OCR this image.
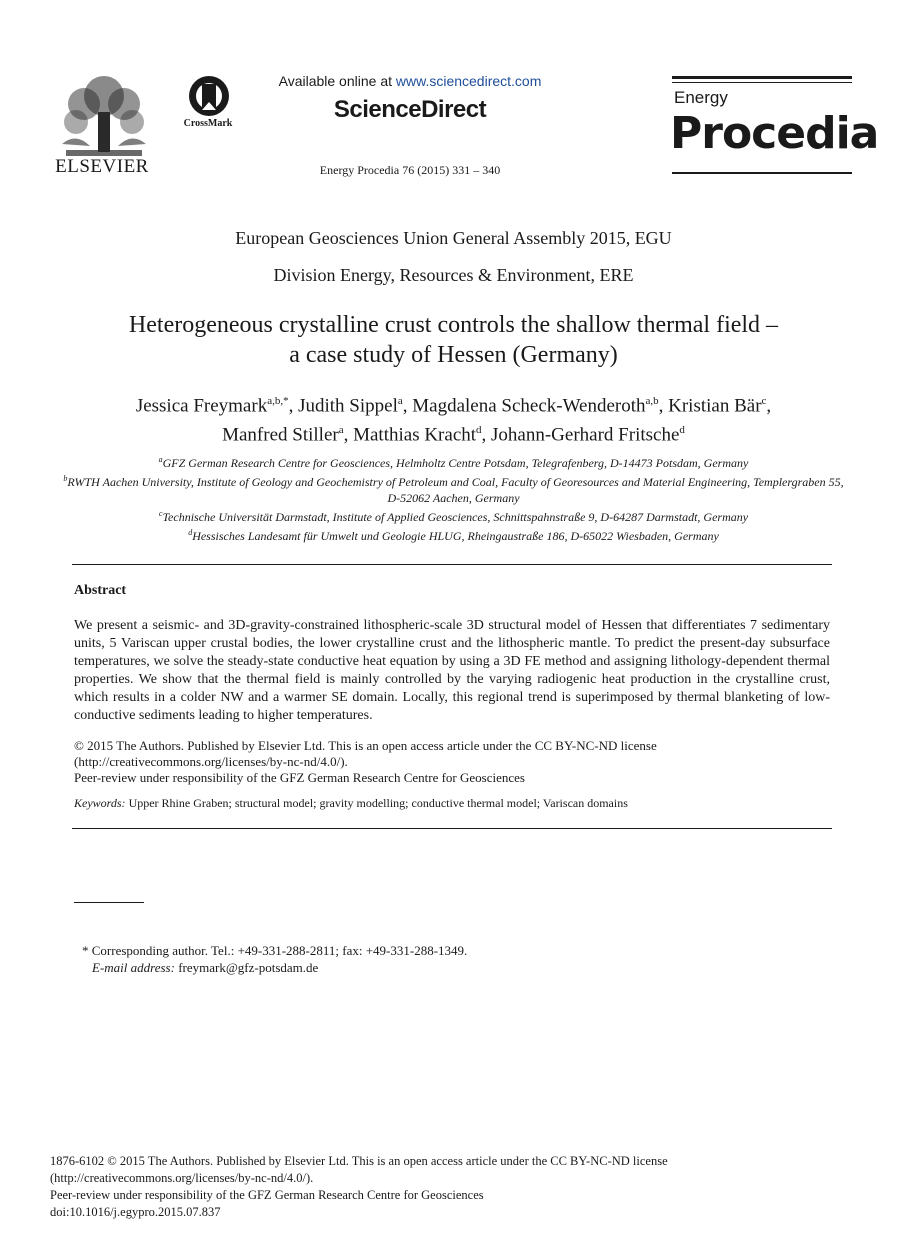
ELSEVIER
CrossMark
Available online at www.sciencedirect.com
ScienceDirect
Energy Procedia 76 (2015) 331 – 340
Energy
Procedia
European Geosciences Union General Assembly 2015, EGU
Division Energy, Resources & Environment, ERE
Heterogeneous crystalline crust controls the shallow thermal field –
a case study of Hessen (Germany)
Jessica Freymark$^{a,b,*}$, Judith Sippel$^a$, Magdalena Scheck-Wenderoth$^{a,b}$, Kristian Bär$^c$,
Manfred Stiller$^a$, Matthias Kracht$^d$, Johann-Gerhard Fritsche$^d$
$^a$GFZ German Research Centre for Geosciences, Helmholtz Centre Potsdam, Telegrafenberg, D-14473 Potsdam, Germany
$^b$RWTH Aachen University, Institute of Geology and Geochemistry of Petroleum and Coal, Faculty of Georesources and Material Engineering, Templergraben 55, D-52062 Aachen, Germany
$^c$Technische Universität Darmstadt, Institute of Applied Geosciences, Schnittspahnstraße 9, D-64287 Darmstadt, Germany
$^d$Hessisches Landesamt für Umwelt und Geologie HLUG, Rheingaustraße 186, D-65022 Wiesbaden, Germany
Abstract
We present a seismic- and 3D-gravity-constrained lithospheric-scale 3D structural model of Hessen that differentiates 7 sedimentary units, 5 Variscan upper crustal bodies, the lower crystalline crust and the lithospheric mantle. To predict the present-day subsurface temperatures, we solve the steady-state conductive heat equation by using a 3D FE method and assigning lithology-dependent thermal properties. We show that the thermal field is mainly controlled by the varying radiogenic heat production in the crystalline crust, which results in a colder NW and a warmer SE domain. Locally, this regional trend is superimposed by thermal blanketing of low-conductive sediments leading to higher temperatures.
© 2015 The Authors. Published by Elsevier Ltd. This is an open access article under the CC BY-NC-ND license
(http://creativecommons.org/licenses/by-nc-nd/4.0/).
Peer-review under responsibility of the GFZ German Research Centre for Geosciences
Keywords: Upper Rhine Graben; structural model; gravity modelling; conductive thermal model; Variscan domains
* Corresponding author. Tel.: +49-331-288-2811; fax: +49-331-288-1349.
E-mail address: freymark@gfz-potsdam.de
1876-6102 © 2015 The Authors. Published by Elsevier Ltd. This is an open access article under the CC BY-NC-ND license
(http://creativecommons.org/licenses/by-nc-nd/4.0/).
Peer-review under responsibility of the GFZ German Research Centre for Geosciences
doi:10.1016/j.egypro.2015.07.837
